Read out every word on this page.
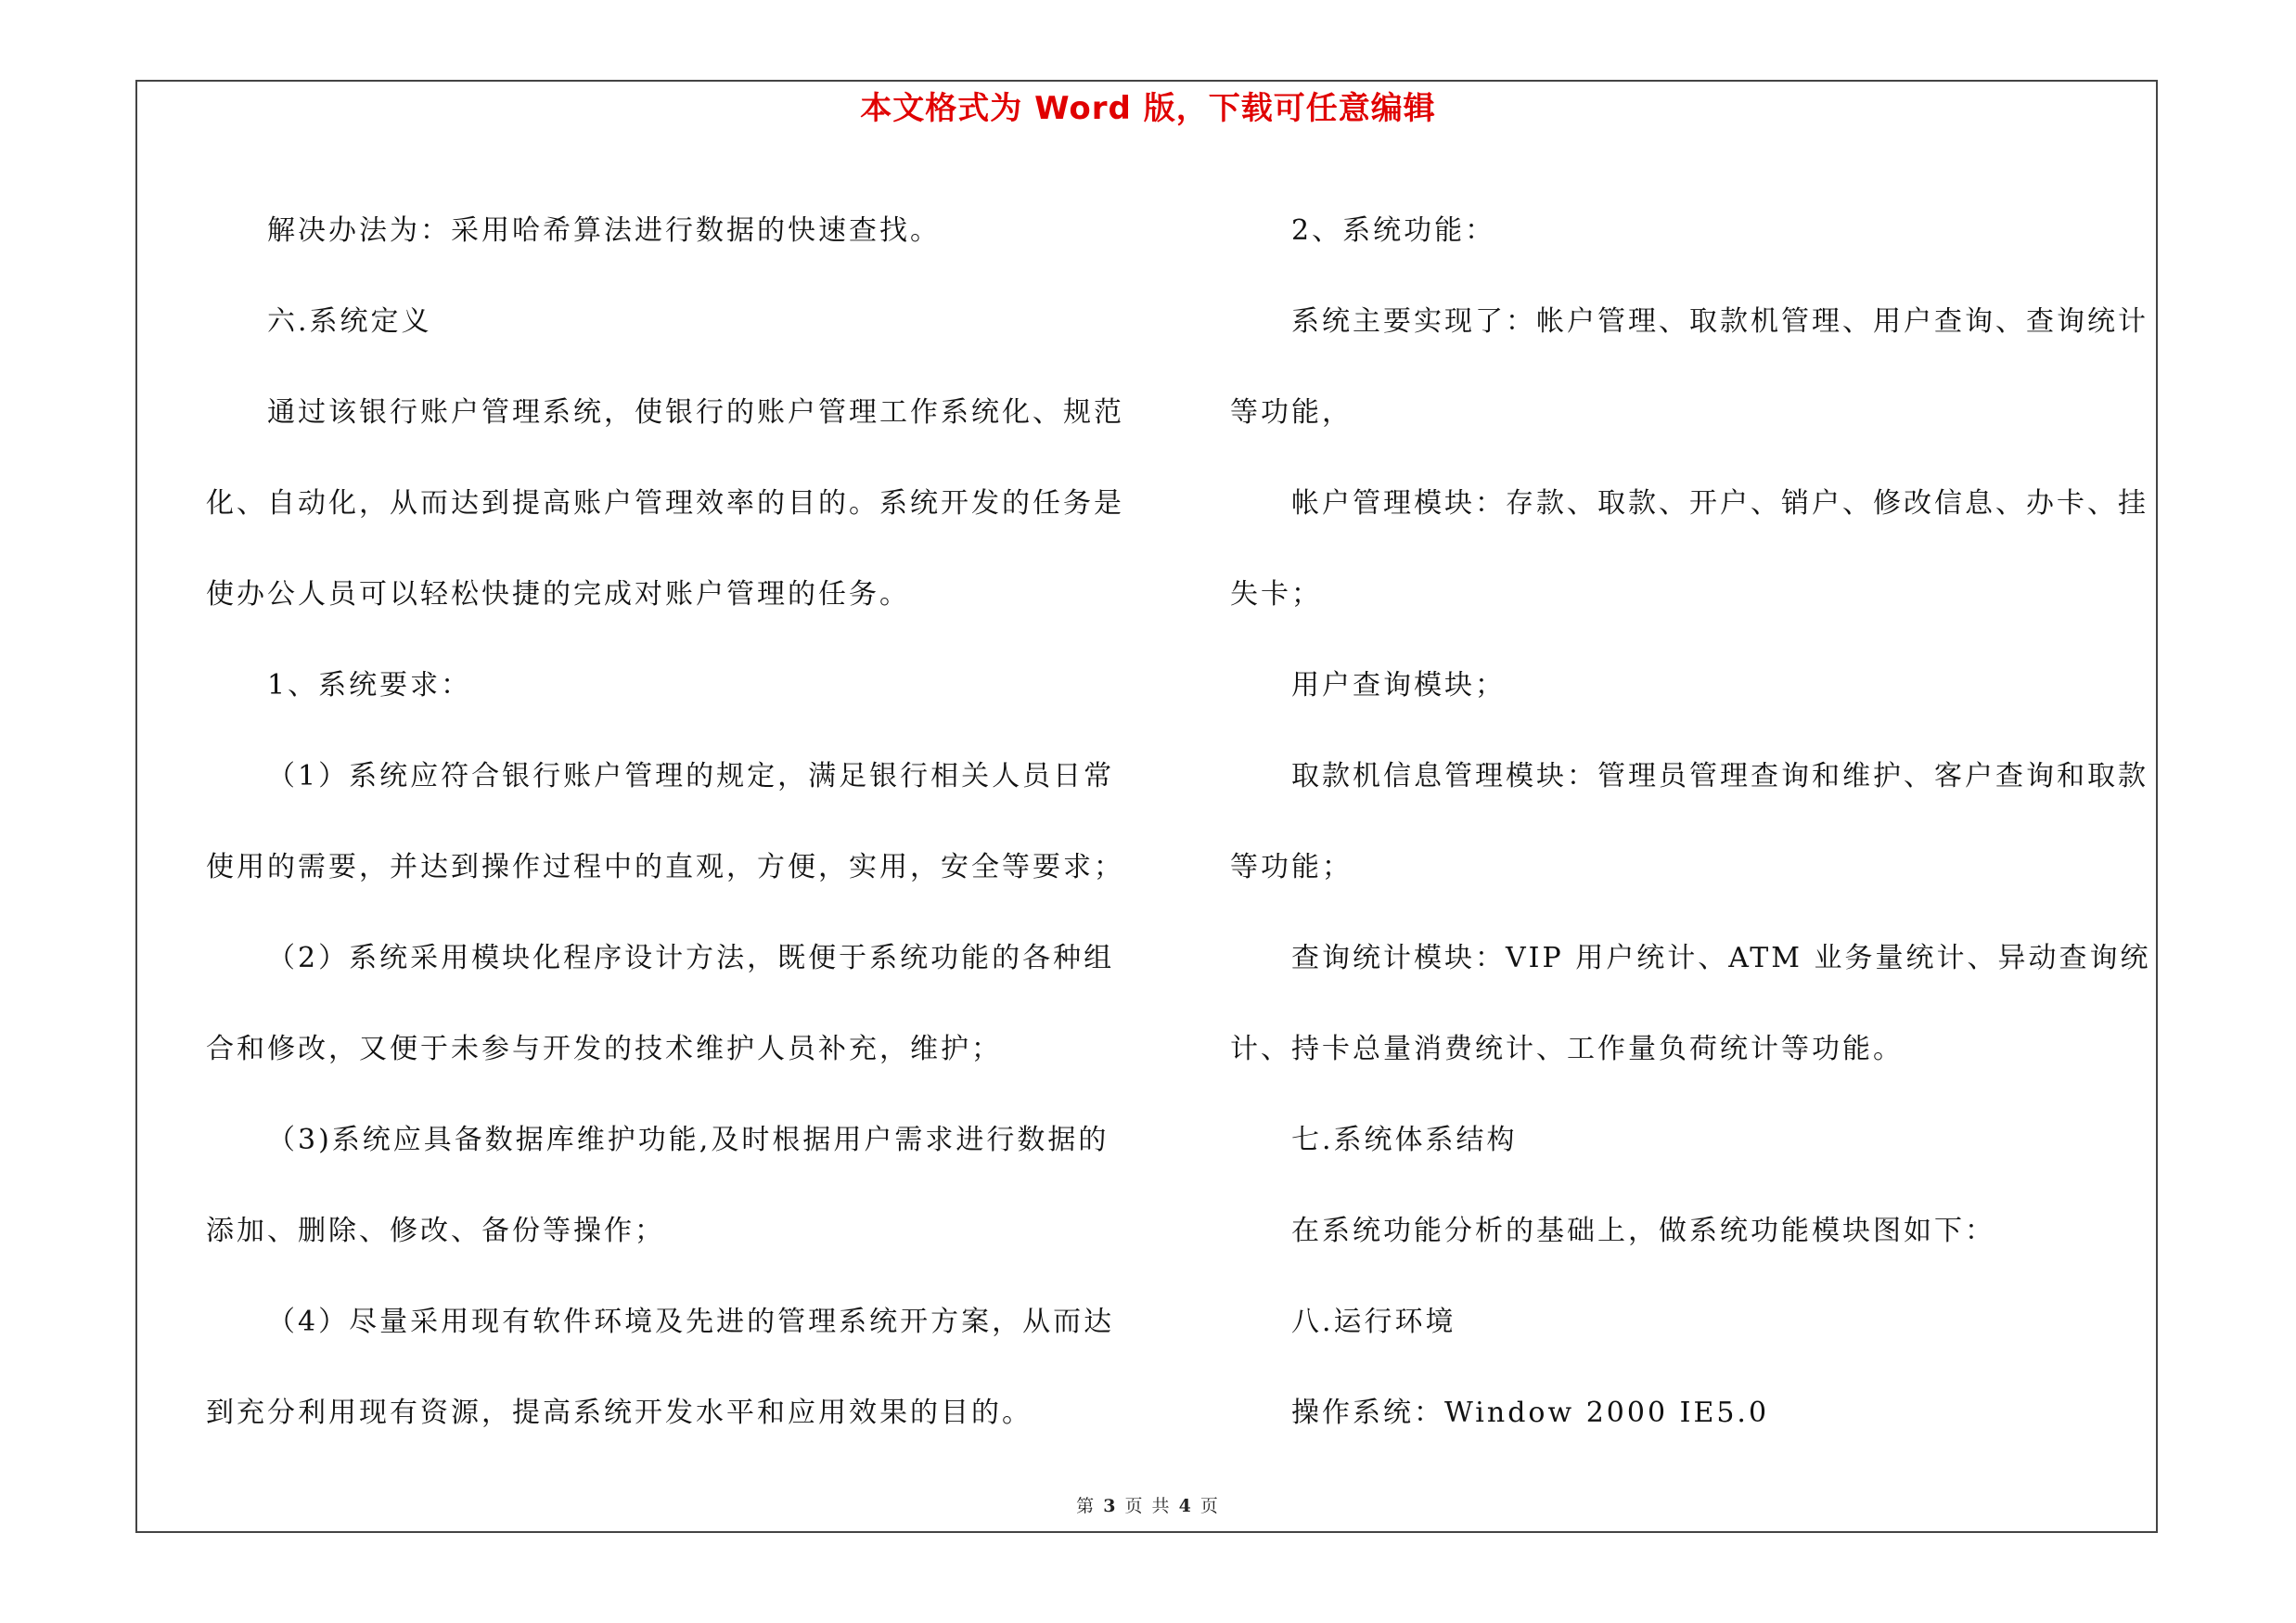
本文格式为 Word 版，下载可任意编辑

解决办法为：采用哈希算法进行数据的快速查找。

六.系统定义

通过该银行账户管理系统，使银行的账户管理工作系统化、规范化、自动化，从而达到提高账户管理效率的目的。系统开发的任务是使办公人员可以轻松快捷的完成对账户管理的任务。

1、系统要求：

（1）系统应符合银行账户管理的规定，满足银行相关人员日常使用的需要，并达到操作过程中的直观，方便，实用，安全等要求；

（2）系统采用模块化程序设计方法，既便于系统功能的各种组合和修改，又便于未参与开发的技术维护人员补充，维护；

（3)系统应具备数据库维护功能,及时根据用户需求进行数据的添加、删除、修改、备份等操作；

（4）尽量采用现有软件环境及先进的管理系统开方案，从而达到充分利用现有资源，提高系统开发水平和应用效果的目的。

2、系统功能：

系统主要实现了：帐户管理、取款机管理、用户查询、查询统计等功能，

帐户管理模块：存款、取款、开户、销户、修改信息、办卡、挂失卡；

用户查询模块；

取款机信息管理模块：管理员管理查询和维护、客户查询和取款等功能；

查询统计模块：VIP 用户统计、ATM 业务量统计、异动查询统计、持卡总量消费统计、工作量负荷统计等功能。

七.系统体系结构

在系统功能分析的基础上，做系统功能模块图如下：

八.运行环境

操作系统：Window 2000 IE5.0

第 3 页 共 4 页
